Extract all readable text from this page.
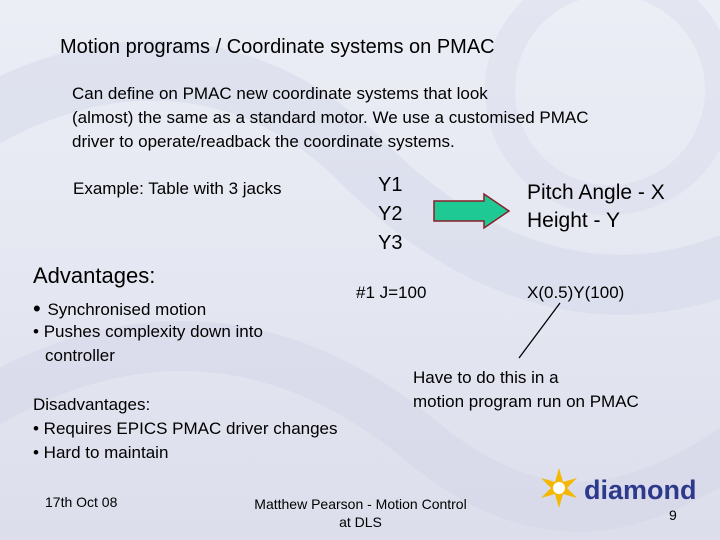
Motion programs / Coordinate systems on PMAC
Can define on PMAC new coordinate systems that look
(almost) the same as a standard motor. We use a customised PMAC
driver to operate/readback the coordinate systems.
Example: Table with 3 jacks	Y1
Y2
Y3
Pitch Angle - X
Height - Y
Advantages:
• Synchronised motion
• Pushes complexity down into
controller
#1 J=100	X(0.5)Y(100)
Have to do this in a
motion program run on PMAC
Disadvantages:
• Requires EPICS PMAC driver changes
• Hard to maintain
17th Oct 08	Matthew Pearson - Motion Control
at DLS
diamond
9
